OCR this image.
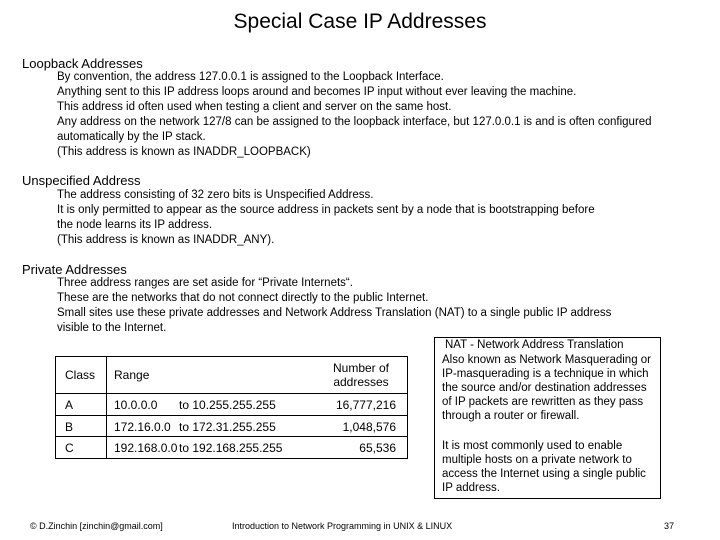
Special Case IP Addresses
Loopback Addresses
By convention, the address 127.0.0.1 is assigned to the Loopback Interface.
Anything sent to this IP address loops around and becomes IP input without ever leaving the machine.
This address id often used when testing a client and server on the same host.
Any address on the network 127/8 can be assigned to the loopback interface, but 127.0.0.1 is and is often configured
automatically by the IP stack.
(This address is known as INADDR_LOOPBACK)
Unspecified Address
The address consisting of 32 zero bits is Unspecified Address.
It is only permitted to appear as the source address in packets sent by a node that is bootstrapping before
the node learns its IP address.
(This address is known as INADDR_ANY).
Private Addresses
Three address ranges are set aside for “Private Internets“.
These are the networks that do not connect directly to the public Internet.
Small sites use these private addresses and Network Address Translation (NAT) to a single public IP address
visible to the Internet.
Class Range	Number of
addresses
A	10.0.0.0 to 10.255.255.255	16,777,216
B	172.16.0.0 to 172.31.255.255	1,048,576
C	192.168.0.0 to 192.168.255.255	65,536
NAT - Network Address Translation
Also known as Network Masquerading or
IP-masquerading is a technique in which
the source and/or destination addresses
of IP packets are rewritten as they pass
through a router or firewall.
It is most commonly used to enable
multiple hosts on a private network to
access the Internet using a single public
IP address.
© D.Zinchin [zinchin@gmail.com]	Introduction to Network Programming in UNIX & LINUX	37
